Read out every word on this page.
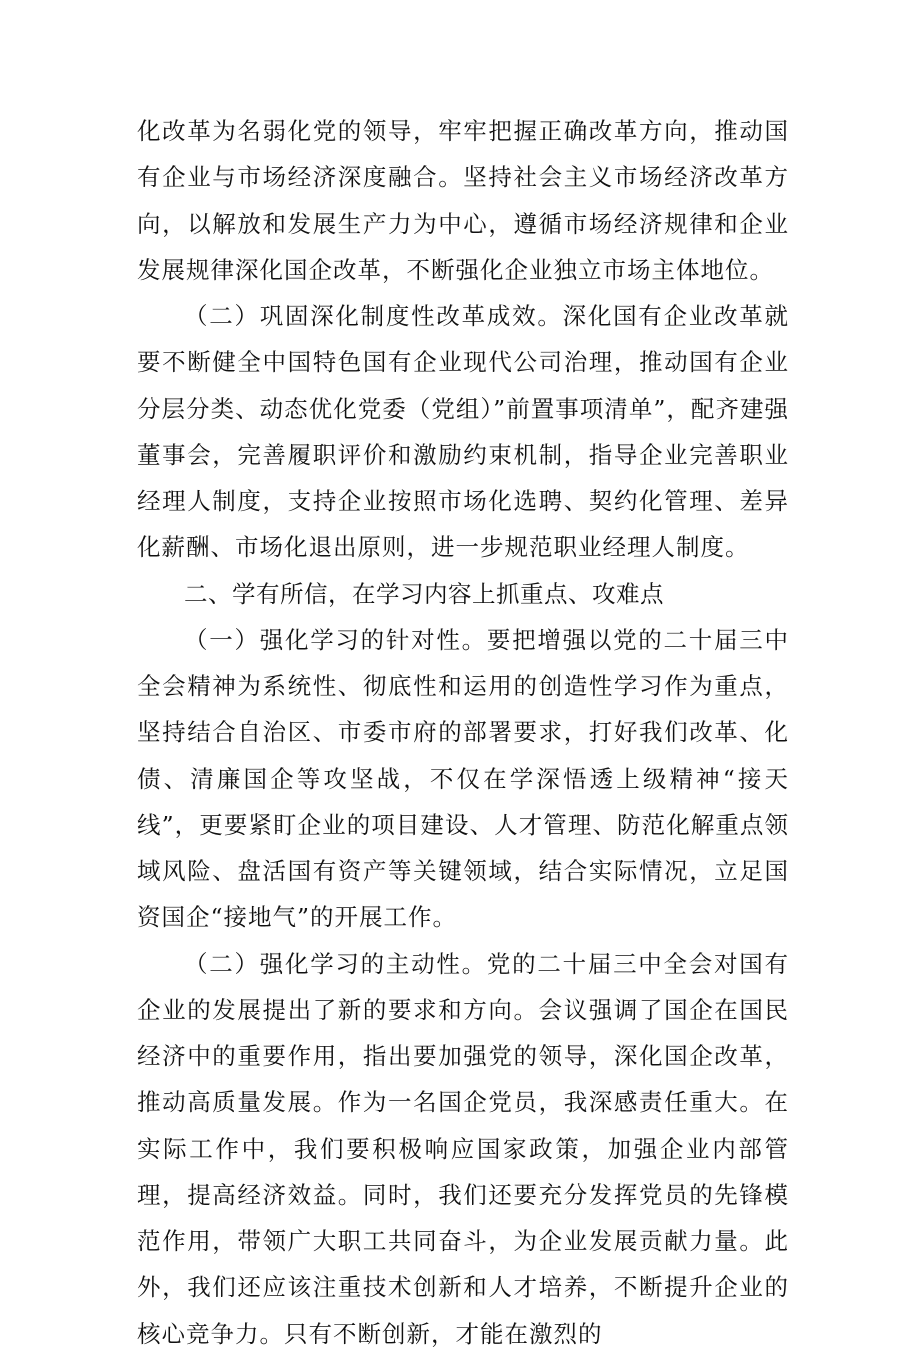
化改革为名弱化党的领导，牢牢把握正确改革方向，推动国有企业与市场经济深度融合。坚持社会主义市场经济改革方向，以解放和发展生产力为中心，遵循市场经济规律和企业发展规律深化国企改革，不断强化企业独立市场主体地位。

（二）巩固深化制度性改革成效。深化国有企业改革就要不断健全中国特色国有企业现代公司治理，推动国有企业分层分类、动态优化党委（党组）”前置事项清单”，配齐建强董事会，完善履职评价和激励约束机制，指导企业完善职业经理人制度，支持企业按照市场化选聘、契约化管理、差异化薪酬、市场化退出原则，进一步规范职业经理人制度。

二、学有所信，在学习内容上抓重点、攻难点

（一）强化学习的针对性。要把增强以党的二十届三中全会精神为系统性、彻底性和运用的创造性学习作为重点，坚持结合自治区、市委市府的部署要求，打好我们改革、化债、清廉国企等攻坚战，不仅在学深悟透上级精神“接天线”，更要紧盯企业的项目建设、人才管理、防范化解重点领域风险、盘活国有资产等关键领域，结合实际情况，立足国资国企“接地气”的开展工作。

（二）强化学习的主动性。党的二十届三中全会对国有企业的发展提出了新的要求和方向。会议强调了国企在国民经济中的重要作用，指出要加强党的领导，深化国企改革，推动高质量发展。作为一名国企党员，我深感责任重大。在实际工作中，我们要积极响应国家政策，加强企业内部管理，提高经济效益。同时，我们还要充分发挥党员的先锋模范作用，带领广大职工共同奋斗，为企业发展贡献力量。此外，我们还应该注重技术创新和人才培养，不断提升企业的核心竞争力。只有不断创新，才能在激烈的
